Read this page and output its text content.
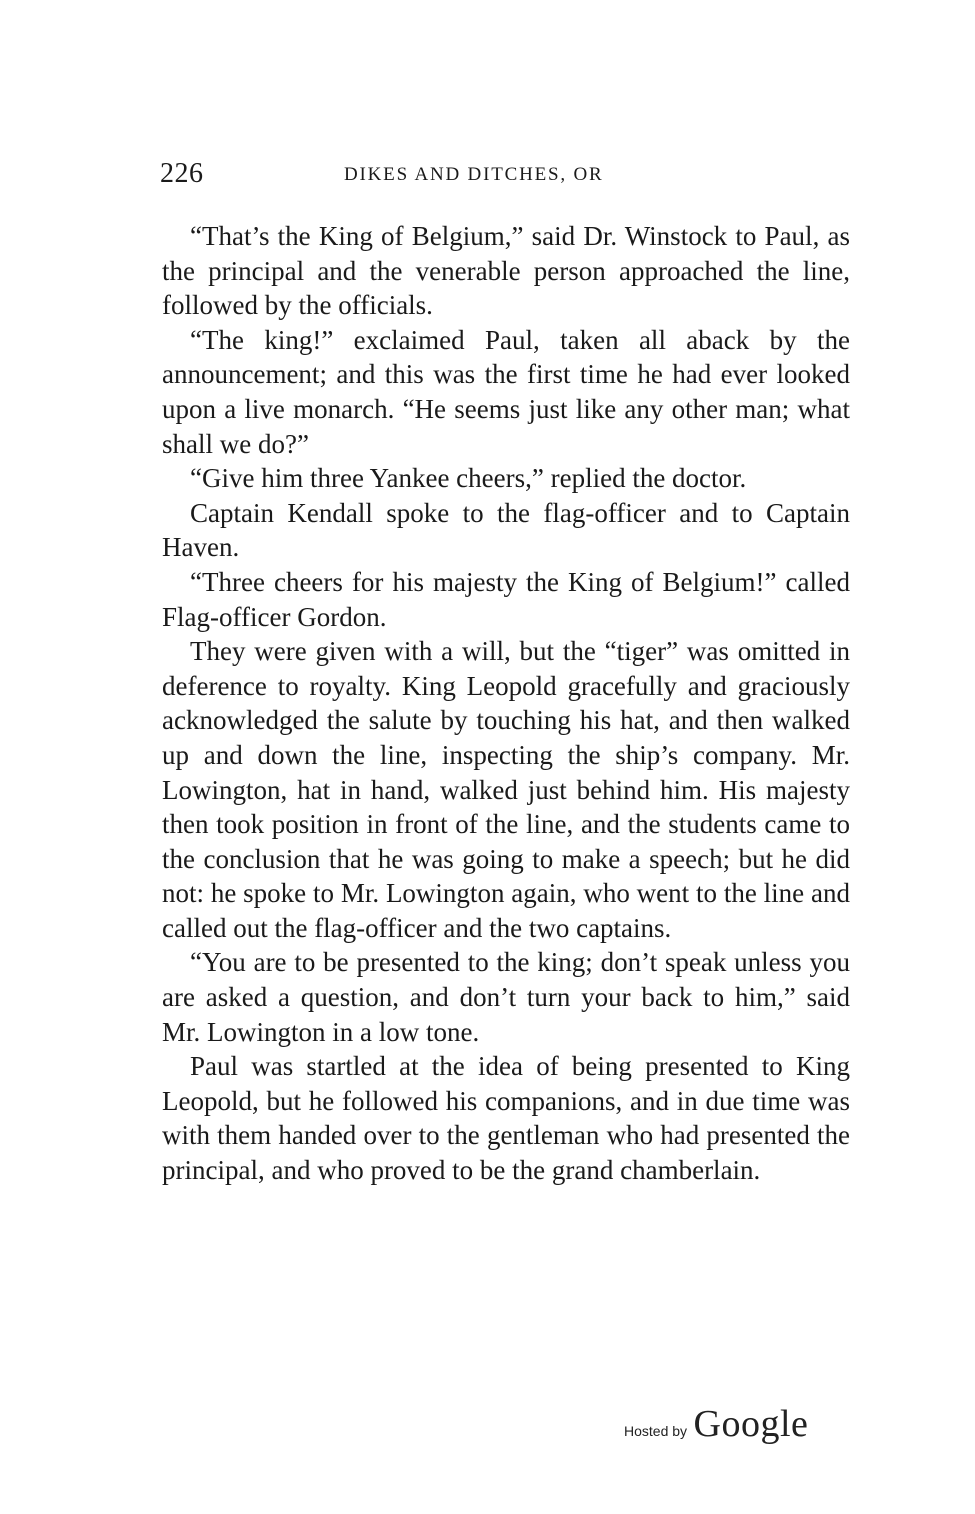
226	DIKES AND DITCHES, OR

“That’s the King of Belgium,” said Dr. Winstock to Paul, as the principal and the venerable person approached the line, followed by the officials.

“The king!” exclaimed Paul, taken all aback by the announcement; and this was the first time he had ever looked upon a live monarch. “He seems just like any other man; what shall we do?”

“Give him three Yankee cheers,” replied the doctor.

Captain Kendall spoke to the flag-officer and to Captain Haven.

“Three cheers for his majesty the King of Belgium!” called Flag-officer Gordon.

They were given with a will, but the “tiger” was omitted in deference to royalty. King Leopold gracefully and graciously acknowledged the salute by touching his hat, and then walked up and down the line, inspecting the ship’s company. Mr. Lowington, hat in hand, walked just behind him. His majesty then took position in front of the line, and the students came to the conclusion that he was going to make a speech; but he did not: he spoke to Mr. Lowington again, who went to the line and called out the flag-officer and the two captains.

“You are to be presented to the king; don’t speak unless you are asked a question, and don’t turn your back to him,” said Mr. Lowington in a low tone.

Paul was startled at the idea of being presented to King Leopold, but he followed his companions, and in due time was with them handed over to the gentleman who had presented the principal, and who proved to be the grand chamberlain.

Hosted by Google
